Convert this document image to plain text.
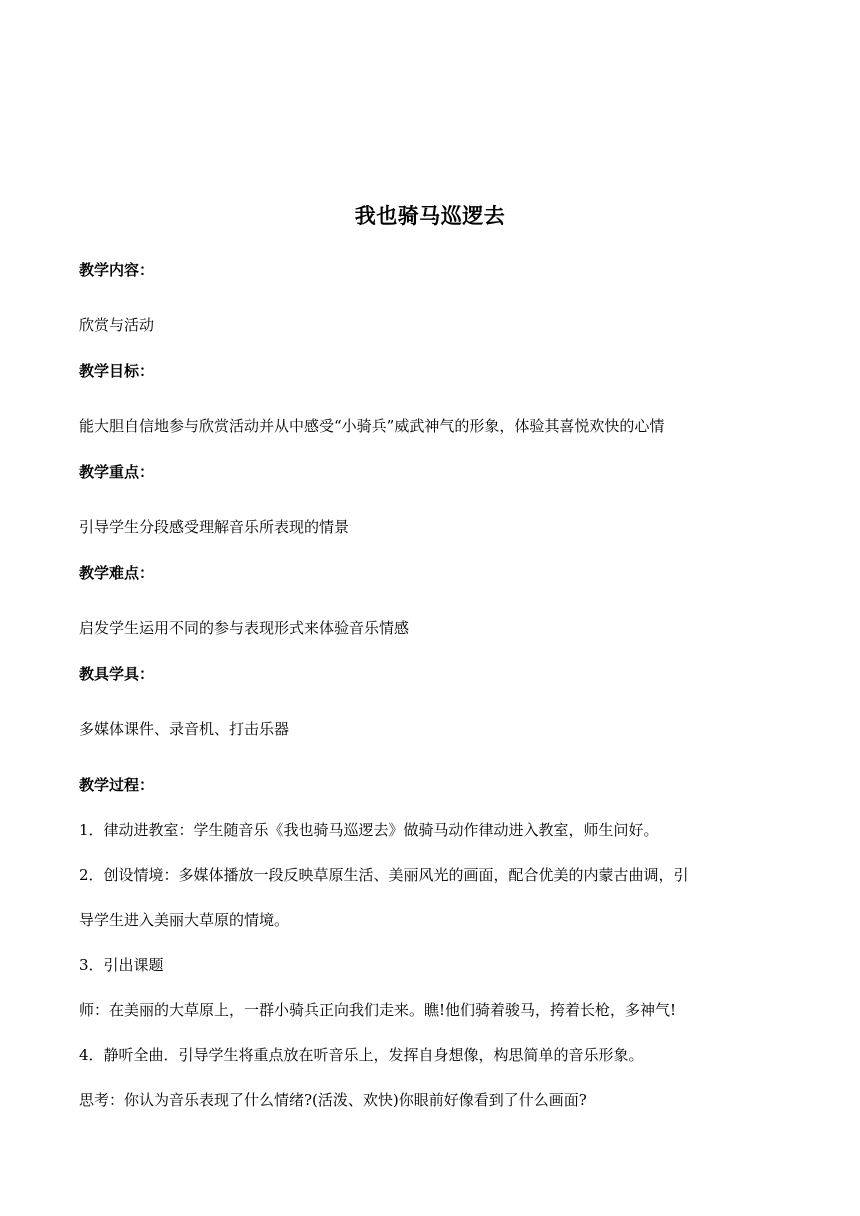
我也骑马巡逻去

教学内容：

欣赏与活动

教学目标：

能大胆自信地参与欣赏活动并从中感受“小骑兵”威武神气的形象，体验其喜悦欢快的心情

教学重点：

引导学生分段感受理解音乐所表现的情景

教学难点：

启发学生运用不同的参与表现形式来体验音乐情感

教具学具：

多媒体课件、录音机、打击乐器

教学过程：

1．律动进教室：学生随音乐《我也骑马巡逻去》做骑马动作律动进入教室，师生问好。

2．创设情境：多媒体播放一段反映草原生活、美丽风光的画面，配合优美的内蒙古曲调，引

导学生进入美丽大草原的情境。

3．引出课题

师：在美丽的大草原上，一群小骑兵正向我们走来。瞧!他们骑着骏马，挎着长枪，多神气!

4．静听全曲．引导学生将重点放在听音乐上，发挥自身想像，构思简单的音乐形象。

思考：你认为音乐表现了什么情绪?(活泼、欢快)你眼前好像看到了什么画面?
